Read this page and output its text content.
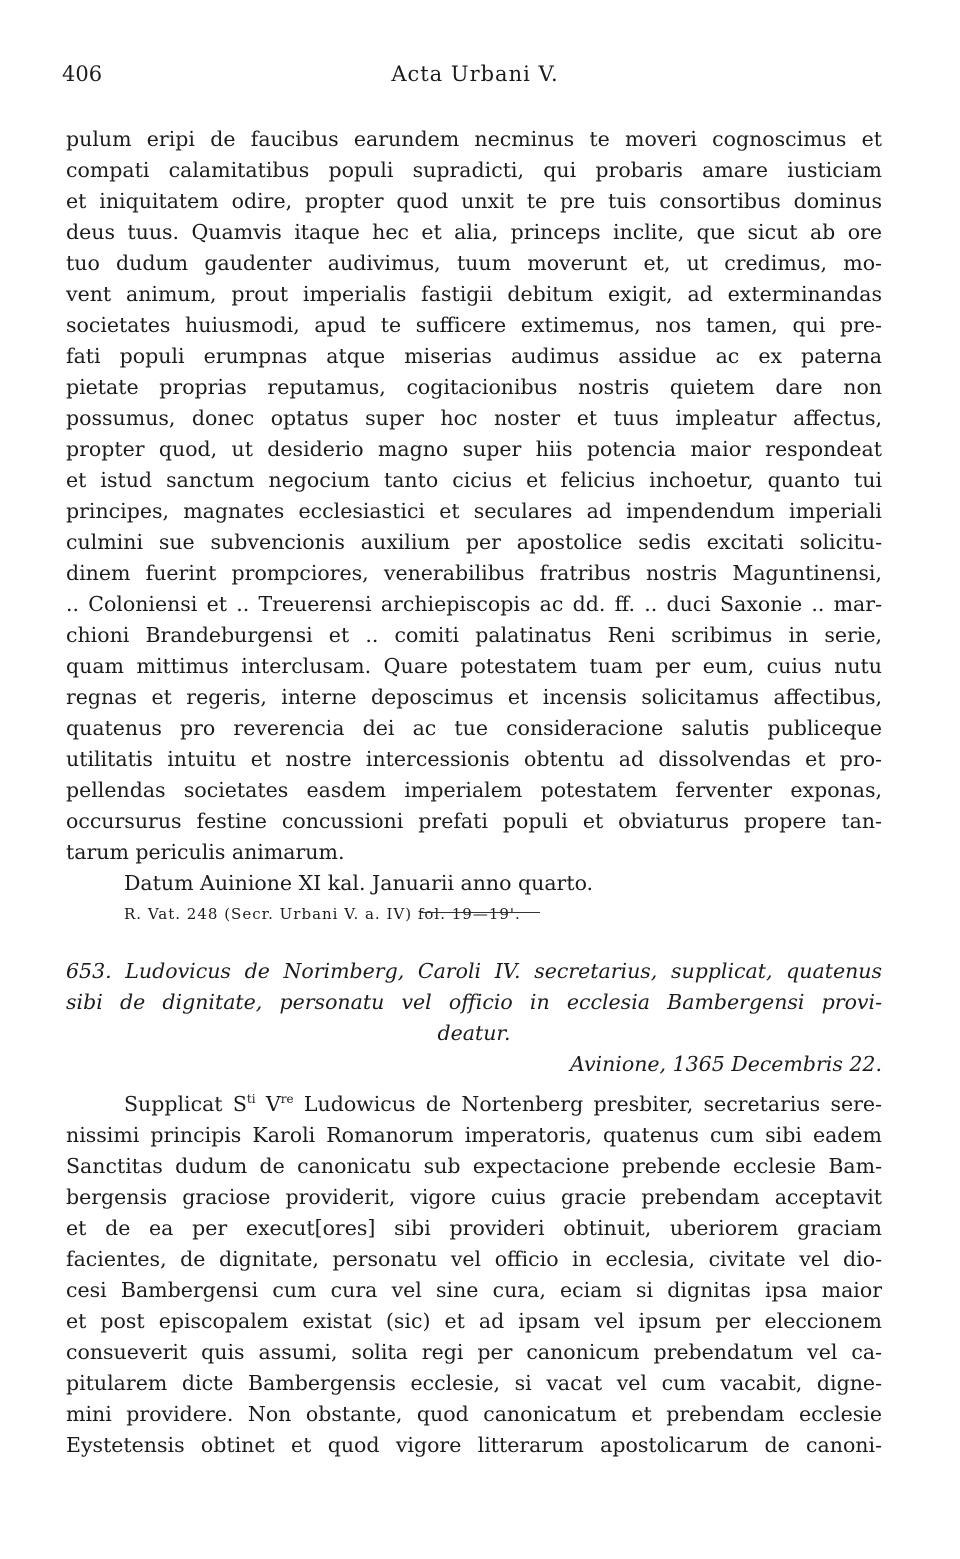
406	Acta Urbani V.
pulum eripi de faucibus earundem necminus te moveri cognoscimus et
compati calamitatibus populi supradicti, qui probaris amare iusticiam
et iniquitatem odire, propter quod unxit te pre tuis consortibus dominus
deus tuus. Quamvis itaque hec et alia, princeps inclite, que sicut ab ore
tuo dudum gaudenter audivimus, tuum moverunt et, ut credimus, mo-
vent animum, prout imperialis fastigii debitum exigit, ad exterminandas
societates huiusmodi, apud te sufficere extimemus, nos tamen, qui pre-
fati populi erumpnas atque miserias audimus assidue ac ex paterna
pietate proprias reputamus, cogitacionibus nostris quietem dare non
possumus, donec optatus super hoc noster et tuus impleatur affectus,
propter quod, ut desiderio magno super hiis potencia maior respondeat
et istud sanctum negocium tanto cicius et felicius inchoetur, quanto tui
principes, magnates ecclesiastici et seculares ad impendendum imperiali
culmini sue subvencionis auxilium per apostolice sedis excitati solicitu-
dinem fuerint prompciores, venerabilibus fratribus nostris Maguntinensi,
.. Coloniensi et .. Treuerensi archiepiscopis ac dd. ff. .. duci Saxonie .. mar-
chioni Brandeburgensi et .. comiti palatinatus Reni scribimus in serie,
quam mittimus interclusam. Quare potestatem tuam per eum, cuius nutu
regnas et regeris, interne deposcimus et incensis solicitamus affectibus,
quatenus pro reverencia dei ac tue consideracione salutis publiceque
utilitatis intuitu et nostre intercessionis obtentu ad dissolvendas et pro-
pellendas societates easdem imperialem potestatem ferventer exponas,
occursurus festine concussioni prefati populi et obviaturus propere tan-
tarum periculis animarum.
Datum Auinione XI kal. Januarii anno quarto.
R. Vat. 248 (Secr. Urbani V. a. IV) fol. 19—19'.
653. Ludovicus de Norimberg, Caroli IV. secretarius, supplicat, quatenus
sibi de dignitate, personatu vel officio in ecclesia Bambergensi provi-
deatur.
Avinione, 1365 Decembris 22.
Supplicat $S^{ti}$ Vre Ludowicus de Nortenberg presbiter, secretarius sere-
nissimi principis Karoli Romanorum imperatoris, quatenus cum sibi eadem
Sanctitas dudum de canonicatu sub expectacione prebende ecclesie Bam-
bergensis graciose providerit, vigore cuius gracie prebendam acceptavit
et de ea per execut[ores] sibi provideri obtinuit, uberiorem graciam
facientes, de dignitate, personatu vel officio in ecclesia, civitate vel dio-
cesi Bambergensi cum cura vel sine cura, eciam si dignitas ipsa maior
et post episcopalem existat (sic) et ad ipsam vel ipsum per eleccionem
consueverit quis assumi, solita regi per canonicum prebendatum vel ca-
pitularem dicte Bambergensis ecclesie, si vacat vel cum vacabit, digne-
mini providere. Non obstante, quod canonicatum et prebendam ecclesie
Eystetensis obtinet et quod vigore litterarum apostolicarum de canoni-
